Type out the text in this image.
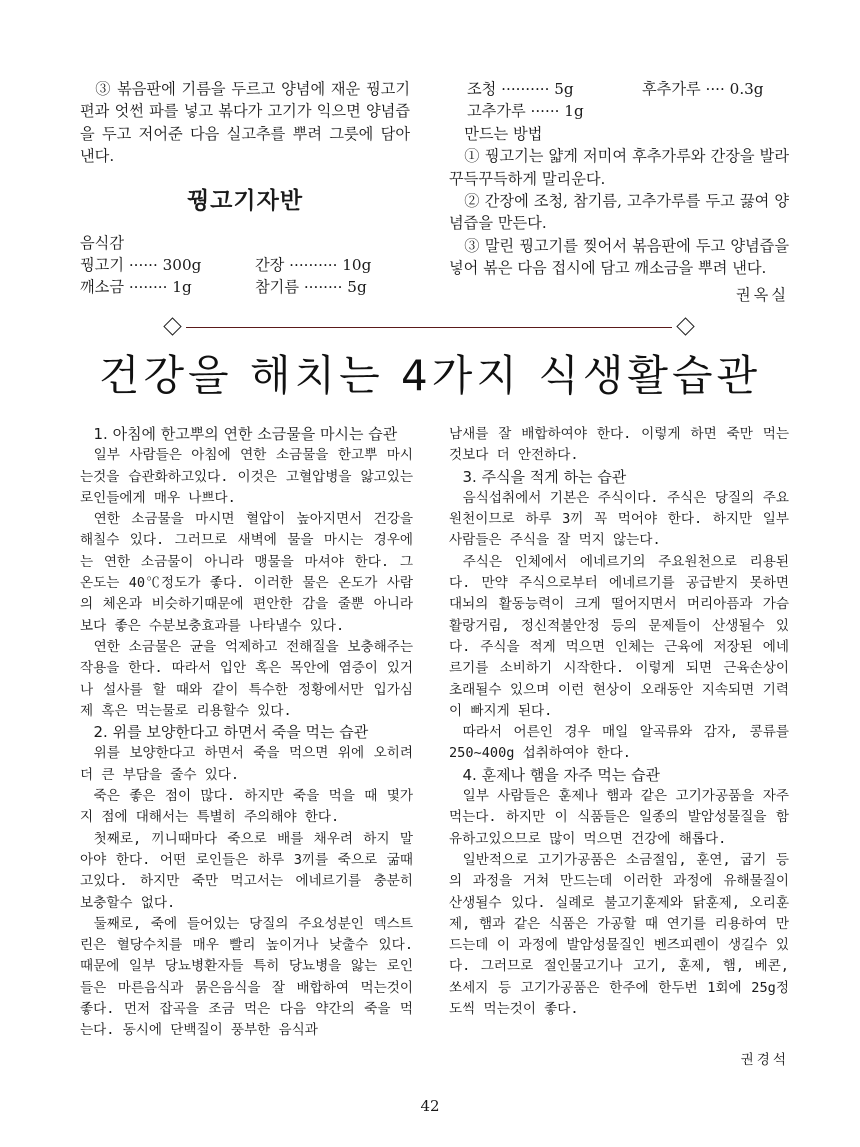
③ 볶음판에 기름을 두르고 양념에 재운 꿩고기편과 엇썬 파를 넣고 볶다가 고기가 익으면 양념즙을 두고 저어준 다음 실고추를 뿌려 그릇에 담아 낸다.

꿩고기자반

음식감

꿩고기 ······ 300g	간장 ·········· 10g
깨소금 ········ 1g	참기름 ········ 5g
조청 ·········· 5g	후추가루 ···· 0.3g
고추가루 ······ 1g

만드는 방법

① 꿩고기는 얇게 저미여 후추가루와 간장을 발라 꾸득꾸득하게 말리운다.

② 간장에 조청, 참기름, 고추가루를 두고 끓여 양념즙을 만든다.

③ 말린 꿩고기를 찢어서 볶음판에 두고 양념즙을 넣어 볶은 다음 접시에 담고 깨소금을 뿌려 낸다.

권옥실
건강을 해치는 4가지 식생활습관
1. 아침에 한고뿌의 연한 소금물을 마시는 습관

일부 사람들은 아침에 연한 소금물을 한고뿌 마시는것을 습관화하고있다. 이것은 고혈압병을 앓고있는 로인들에게 매우 나쁘다.

연한 소금물을 마시면 혈압이 높아지면서 건강을 해칠수 있다. 그러므로 새벽에 물을 마시는 경우에는 연한 소금물이 아니라 맹물을 마셔야 한다. 그 온도는 40℃정도가 좋다. 이러한 물은 온도가 사람의 체온과 비슷하기때문에 편안한 감을 줄뿐 아니라 보다 좋은 수분보충효과를 나타낼수 있다.

연한 소금물은 균을 억제하고 전해질을 보충해주는 작용을 한다. 따라서 입안 혹은 목안에 염증이 있거나 설사를 할 때와 같이 특수한 정황에서만 입가심제 혹은 먹는물로 리용할수 있다.

2. 위를 보양한다고 하면서 죽을 먹는 습관

위를 보양한다고 하면서 죽을 먹으면 위에 오히려 더 큰 부담을 줄수 있다.

죽은 좋은 점이 많다. 하지만 죽을 먹을 때 몇가지 점에 대해서는 특별히 주의해야 한다.

첫째로, 끼니때마다 죽으로 배를 채우려 하지 말아야 한다. 어떤 로인들은 하루 3끼를 죽으로 굶때고있다. 하지만 죽만 먹고서는 에네르기를 충분히 보충할수 없다.

둘째로, 죽에 들어있는 당질의 주요성분인 덱스트린은 혈당수치를 매우 빨리 높이거나 낮출수 있다. 때문에 일부 당뇨병환자들 특히 당뇨병을 앓는 로인들은 마른음식과 묽은음식을 잘 배합하여 먹는것이 좋다. 먼저 잡곡을 조금 먹은 다음 약간의 죽을 먹는다. 동시에 단백질이 풍부한 음식과

남새를 잘 배합하여야 한다. 이렇게 하면 죽만 먹는것보다 더 안전하다.

3. 주식을 적게 하는 습관

음식섭취에서 기본은 주식이다. 주식은 당질의 주요원천이므로 하루 3끼 꼭 먹어야 한다. 하지만 일부 사람들은 주식을 잘 먹지 않는다.

주식은 인체에서 에네르기의 주요원천으로 리용된다. 만약 주식으로부터 에네르기를 공급받지 못하면 대뇌의 활동능력이 크게 떨어지면서 머리아픔과 가슴활랑거림, 정신적불안정 등의 문제들이 산생될수 있다. 주식을 적게 먹으면 인체는 근육에 저장된 에네르기를 소비하기 시작한다. 이렇게 되면 근육손상이 초래될수 있으며 이런 현상이 오래동안 지속되면 기력이 빠지게 된다.

따라서 어른인 경우 매일 알곡류와 감자, 콩류를 250~400g 섭취하여야 한다.

4. 훈제나 햄을 자주 먹는 습관

일부 사람들은 훈제나 햄과 같은 고기가공품을 자주 먹는다. 하지만 이 식품들은 일종의 발암성물질을 함유하고있으므로 많이 먹으면 건강에 해롭다.

일반적으로 고기가공품은 소금절임, 훈연, 굽기 등의 과정을 거쳐 만드는데 이러한 과정에 유해물질이 산생될수 있다. 실례로 불고기훈제와 닭훈제, 오리훈제, 햄과 같은 식품은 가공할 때 연기를 리용하여 만드는데 이 과정에 발암성물질인 벤즈피렌이 생길수 있다. 그러므로 절인물고기나 고기, 훈제, 햄, 베콘, 쏘세지 등 고기가공품은 한주에 한두번 1회에 25g정도씩 먹는것이 좋다.

권경석
42
